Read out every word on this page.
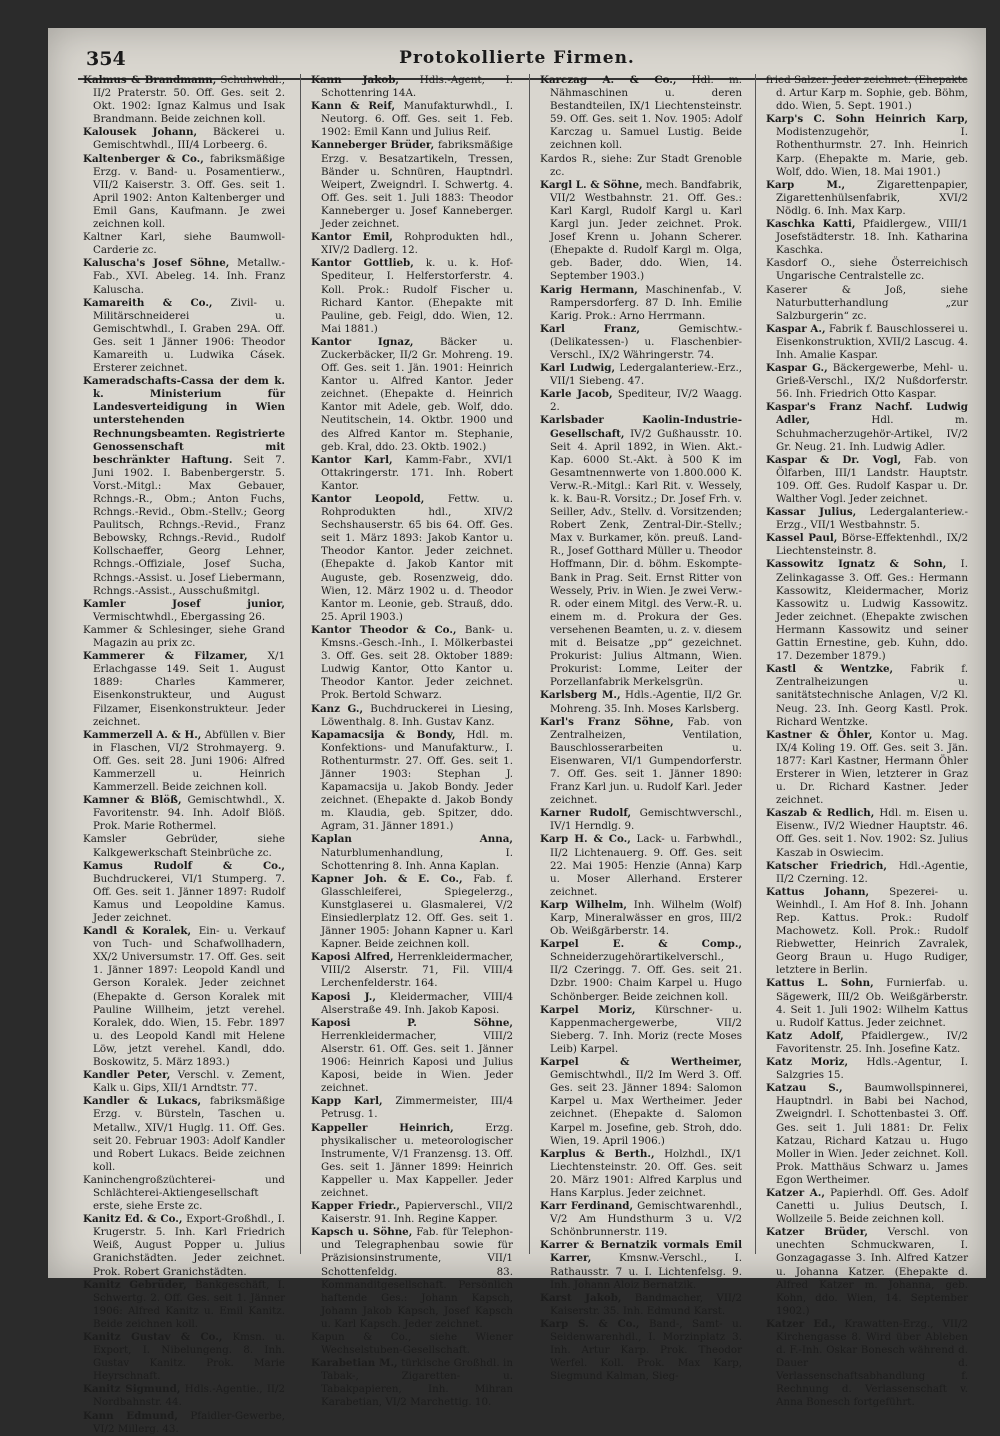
354	Protokollierte Firmen.
Kalmus & Brandmann, Schuhwhdl., II/2 Praterstr. 50. Off. Ges. seit 2. Okt. 1902: Ignaz Kalmus und Isak Brandmann. Beide zeichnen koll.
Kalousek Johann, Bäckerei u. Gemischtwhdl., III/4 Lorbeerg. 6.
Kaltenberger & Co., fabriksmäßige Erzg. v. Band- u. Posamentierw., VII/2 Kaiserstr. 3. Off. Ges. seit 1. April 1902: Anton Kaltenberger und Emil Gans, Kaufmann. Je zwei zeichnen koll.
Kaltner Karl, siehe Baumwoll-Carderie zc.
Kaluscha's Josef Söhne, Metallw.-Fab., XVI. Abeleg. 14. Inh. Franz Kaluscha.
Kamareith & Co., Zivil- u. Militärschneiderei u. Gemischtwhdl., I. Graben 29A. Off. Ges. seit 1 Jänner 1906: Theodor Kamareith u. Ludwika Cásek. Ersterer zeichnet.
Kameradschafts-Cassa der dem k. k. Ministerium für Landesverteidigung in Wien unterstehenden Rechnungsbeamten. Registrierte Genossenschaft mit beschränkter Haftung. Seit 7. Juni 1902. I. Babenbergerstr. 5. Vorst.-Mitgl.: Max Gebauer, Rchngs.-R., Obm.; Anton Fuchs, Rchngs.-Revid., Obm.-Stellv.; Georg Paulitsch, Rchngs.-Revid., Franz Bebowsky, Rchngs.-Revid., Rudolf Kollschaeffer, Georg Lehner, Rchngs.-Offiziale, Josef Sucha, Rchngs.-Assist. u. Josef Liebermann, Rchngs.-Assist., Ausschußmitgl.
Kamler Josef junior, Vermischtwhdl., Ebergassing 26.
Kammer & Schlesinger, siehe Grand Magazin au prix zc.
Kammerer & Filzamer, X/1 Erlachgasse 149. Seit 1. August 1889: Charles Kammerer, Eisenkonstrukteur, und August Filzamer, Eisenkonstrukteur. Jeder zeichnet.
Kammerzell A. & H., Abfüllen v. Bier in Flaschen, VI/2 Strohmayerg. 9. Off. Ges. seit 28. Juni 1906: Alfred Kammerzell u. Heinrich Kammerzell. Beide zeichnen koll.
Kamner & Blöß, Gemischtwhdl., X. Favoritenstr. 94. Inh. Adolf Blöß. Prok. Marie Rothermel.
Kamsler Gebrüder, siehe Kalkgewerkschaft Steinbrüche zc.
Kamus Rudolf & Co., Buchdruckerei, VI/1 Stumperg. 7. Off. Ges. seit 1. Jänner 1897: Rudolf Kamus und Leopoldine Kamus. Jeder zeichnet.
Kandl & Koralek, Ein- u. Verkauf von Tuch- und Schafwollhadern, XX/2 Universumstr. 17. Off. Ges. seit 1. Jänner 1897: Leopold Kandl und Gerson Koralek. Jeder zeichnet (Ehepakte d. Gerson Koralek mit Pauline Willheim, jetzt verehel. Koralek, ddo. Wien, 15. Febr. 1897 u. des Leopold Kandl mit Helene Löw, jetzt verehel. Kandl, ddo. Boskowitz, 5. März 1893.)
Kandler Peter, Verschl. v. Zement, Kalk u. Gips, XII/1 Arndtstr. 77.
Kandler & Lukacs, fabriksmäßige Erzg. v. Bürsteln, Taschen u. Metallw., XIV/1 Huglg. 11. Off. Ges. seit 20. Februar 1903: Adolf Kandler und Robert Lukacs. Beide zeichnen koll.
Kaninchengroßzüchterei- und Schlächterei-Aktiengesellschaft erste, siehe Erste zc.
Kanitz Ed. & Co., Export-Großhdl., I. Krugerstr. 5. Inh. Karl Friedrich Weiß, August Popper u. Julius Granichstädten. Jeder zeichnet. Prok. Robert Granichstädten.
Kanitz Gebrüder, Bankgeschäft, I. Schwertg. 2. Off. Ges. seit 1. Jänner 1906: Alfred Kanitz u. Emil Kanitz. Beide zeichnen koll.
Kanitz Gustav & Co., Kmsn. u. Export, I. Nibelungeng. 8. Inh. Gustav Kanitz. Prok. Marie Heyrschnaft.
Kanitz Sigmund, Hdls.-Agentie., II/2 Nordbahnstr. 44.
Kann Edmund, Pfaidler-Gewerbe, VI/2 Millerg. 43.
Kann Jakob, Hdls.-Agent, I. Schottenring 14A.
Kann & Reif, Manufakturwhdl., I. Neutorg. 6. Off. Ges. seit 1. Feb. 1902: Emil Kann und Julius Reif.
Kanneberger Brüder, fabriksmäßige Erzg. v. Besatzartikeln, Tressen, Bänder u. Schnüren, Hauptndrl. Weipert, Zweigndrl. I. Schwertg. 4. Off. Ges. seit 1. Juli 1883: Theodor Kanneberger u. Josef Kanneberger. Jeder zeichnet.
Kantor Emil, Rohprodukten hdl., XIV/2 Dadlerg. 12.
Kantor Gottlieb, k. u. k. Hof-Spediteur, I. Helferstorferstr. 4. Koll. Prok.: Rudolf Fischer u. Richard Kantor. (Ehepakte mit Pauline, geb. Feigl, ddo. Wien, 12. Mai 1881.)
Kantor Ignaz,	Bäcker u. Zuckerbäcker, II/2 Gr. Mohreng. 19. Off. Ges. seit 1. Jän. 1901: Heinrich Kantor u. Alfred Kantor. Jeder zeichnet. (Ehepakte d. Heinrich Kantor mit Adele, geb. Wolf, ddo. Neutitschein, 14. Oktbr. 1900 und des Alfred Kantor m. Stephanie, geb. Kral, ddo. 23. Oktb. 1902.)
Kantor Karl, Kamm-Fabr., XVI/1 Ottakringerstr. 171. Inh. Robert Kantor.
Kantor Leopold, Fettw. u. Rohprodukten hdl., XIV/2 Sechshauserstr. 65 bis 64. Off. Ges. seit 1. März 1893: Jakob Kantor u. Theodor Kantor. Jeder zeichnet. (Ehepakte d. Jakob Kantor mit Auguste, geb. Rosenzweig, ddo. Wien, 12. März 1902 u. d. Theodor Kantor m. Leonie, geb. Strauß, ddo. 25. April 1903.)
Kantor Theodor & Co., Bank- u. Kmsns.-Gesch.-Inh., I. Mölkerbastei 3. Off. Ges. seit 28. Oktober 1889: Ludwig Kantor, Otto Kantor u. Theodor Kantor. Jeder zeichnet. Prok. Bertold Schwarz.
Kanz G., Buchdruckerei in Liesing, Löwenthalg. 8. Inh. Gustav Kanz.
Kapamacsija & Bondy, Hdl. m. Konfektions- und Manufakturw., I. Rothenturmstr. 27. Off. Ges. seit 1. Jänner 1903: Stephan J. Kapamacsija u. Jakob Bondy. Jeder zeichnet. (Ehepakte d. Jakob Bondy m. Klaudia, geb. Spitzer, ddo. Agram, 31. Jänner 1891.)
Kaplan Anna, Naturblumenhandlung, I. Schottenring 8. Inh. Anna Kaplan.
Kapner Joh. & E. Co., Fab. f. Glasschleiferei, Spiegelerzg., Kunstglaserei u. Glasmalerei, V/2 Einsiedlerplatz 12. Off. Ges. seit 1. Jänner 1905: Johann Kapner u. Karl Kapner. Beide zeichnen koll.
Kaposi Alfred, Herrenkleidermacher, VIII/2 Alserstr. 71, Fil. VIII/4 Lerchenfelderstr. 164.
Kaposi J., Kleidermacher, VIII/4 Alserstraße 49. Inh. Jakob Kaposi.
Kaposi P. Söhne, Herrenkleidermacher, VIII/2 Alserstr. 61. Off. Ges. seit 1. Jänner 1906: Heinrich Kaposi und Julius Kaposi, beide in Wien. Jeder zeichnet.
Kapp Karl, Zimmermeister, III/4 Petrusg. 1.
Kappeller Heinrich,	Erzg. physikalischer u. meteorologischer Instrumente, V/1 Franzensg. 13. Off. Ges. seit 1. Jänner 1899: Heinrich Kappeller u. Max Kappeller. Jeder zeichnet.
Kapper Friedr., Papierverschl., VII/2 Kaiserstr. 91. Inh. Regine Kapper.
Kapsch u. Söhne, Fab. für Telephon- und Telegraphenbau sowie für Präzisionsinstrumente, VII/1 Schottenfeldg. 83. Kommanditgesellschaft. Persönlich haftende Ges.: Johann Kapsch, Johann Jakob Kapsch, Josef Kapsch u. Karl Kapsch. Jeder zeichnet.
Kapun & Co., siehe Wiener Wechselstuben-Gesellschaft.
Karabetian M., türkische Großhdl. in Tabak-, Zigaretten- u. Tabakpapieren, Inh. Mihran Karabetian, VI/2 Marchettig. 10.
Karczag A. & Co., Hdl. m. Nähmaschinen u. deren Bestandteilen, IX/1 Liechtensteinstr. 59. Off. Ges. seit 1. Nov. 1905: Adolf Karczag u. Samuel Lustig. Beide zeichnen koll.
Kardos R., siehe: Zur Stadt Grenoble zc.
Kargl L. & Söhne, mech. Bandfabrik, VII/2 Westbahnstr. 21. Off. Ges.: Karl Kargl, Rudolf Kargl u. Karl Kargl jun. Jeder zeichnet. Prok. Josef Krenn u. Johann Scherer. (Ehepakte d. Rudolf Kargl m. Olga, geb. Bader, ddo. Wien, 14. September 1903.)
Karig Hermann, Maschinenfab., V. Rampersdorferg. 87 D. Inh. Emilie Karig. Prok.: Arno Herrmann.
Karl Franz,	Gemischtw.- (Delikatessen-) u. Flaschenbier-Verschl., IX/2 Währingerstr. 74.
Karl Ludwig, Ledergalanteriew.-Erz., VII/1 Siebeng. 47.
Karle Jacob, Spediteur, IV/2 Waagg. 2.
Karlsbader Kaolin-Industrie-Gesellschaft, IV/2 Gußhausstr. 10. Seit 4. April 1892, in Wien. Akt.-Kap. 6000 St.-Akt. à 500 K im Gesamtnennwerte von 1.800.000 K. Verw.-R.-Mitgl.: Karl Rit. v. Wessely, k. k. Bau-R. Vorsitz.; Dr. Josef Frh. v. Seiller, Adv., Stellv. d. Vorsitzenden; Robert Zenk, Zentral-Dir.-Stellv.; Max v. Burkamer, kön. preuß. Land-R., Josef Gotthard Müller u. Theodor Hoffmann, Dir. d. böhm. Eskompte-Bank in Prag. Seit. Ernst Ritter von Wessely, Priv. in Wien. Je zwei Verw.-R. oder einem Mitgl. des Verw.-R. u. einem m. d. Prokura der Ges. versehenen Beamten, u. z. v. diesem mit d. Beisatze „pp“ gezeichnet. Prokurist: Julius Altmann, Wien. Prokurist: Lomme, Leiter der Porzellanfabrik Merkelsgrün.
Karlsberg M., Hdls.-Agentie, II/2 Gr. Mohreng. 35. Inh. Moses Karlsberg.
Karl's Franz Söhne, Fab. von Zentralheizen, Ventilation, Bauschlosserarbeiten u. Eisenwaren, VI/1 Gumpendorferstr. 7. Off. Ges. seit 1. Jänner 1890: Franz Karl jun. u. Rudolf Karl. Jeder zeichnet.
Karner Rudolf, Gemischtwverschl., IV/1 Herndlg. 9.
Karp H. & Co., Lack- u. Farbwhdl., II/2 Lichtenauerg. 9. Off. Ges. seit 22. Mai 1905: Henzie (Anna) Karp u. Moser Allerhand. Ersterer zeichnet.
Karp Wilhelm, Inh. Wilhelm (Wolf) Karp, Mineralwässer en gros, III/2 Ob. Weißgärberstr. 14.
Karpel E. & Comp., Schneiderzugehörartikelverschl., II/2 Czeringg. 7. Off. Ges. seit 21. Dzbr. 1900: Chaim Karpel u. Hugo Schönberger. Beide zeichnen koll.
Karpel Moriz, Kürschner- u. Kappenmachergewerbe, VII/2 Sieberg. 7. Inh. Moriz (recte Moses Leib) Karpel.
Karpel & Wertheimer, Gemischtwhdl., II/2 Im Werd 3. Off. Ges. seit 23. Jänner 1894: Salomon Karpel u. Max Wertheimer. Jeder zeichnet. (Ehepakte d. Salomon Karpel m. Josefine, geb. Stroh, ddo. Wien, 19. April 1906.)
Karplus & Berth., Holzhdl., IX/1 Liechtensteinstr. 20. Off. Ges. seit 20. März 1901: Alfred Karplus und Hans Karplus. Jeder zeichnet.
Karr Ferdinand, Gemischtwarenhdl., V/2 Am Hundsthurm 3 u. V/2 Schönbrunnerstr. 119.
Karrer & Bernatzik vormals Emil Karrer,	Kmsnw.-Verschl., I. Rathausstr. 7 u. I. Lichtenfelsg. 9. Inh. Johann Aloiz Bernatzik.
Karst Jakob, Bandmacher, VII/2 Kaiserstr. 35. Inh. Edmund Karst.
Karp S. & Co., Band-, Samt- u. Seidenwarenhdl., I. Morzinplatz 3. Inh. Artur Karp. Prok. Theodor Werfel. Koll. Prok. Max Karp, Siegmund Kalman, Sieg-
fried Salzer. Jeder zeichnet. (Ehepakte d. Artur Karp m. Sophie, geb. Böhm, ddo. Wien, 5. Sept. 1901.)
Karp's C. Sohn Heinrich Karp, Modistenzugehör, I. Rothenthurmstr. 27. Inh. Heinrich Karp. (Ehepakte m. Marie, geb. Wolf, ddo. Wien, 18. Mai 1901.)
Karp M.,	Zigarettenpapier, Zigarettenhülsenfabrik, XVI/2 Nödlg. 6. Inh. Max Karp.
Kaschka Katti, Pfaidlergew., VIII/1 Josefstädterstr. 18. Inh. Katharina Kaschka.
Kasdorf O., siehe Österreichisch Ungarische Centralstelle zc.
Kaserer & Joß, siehe Naturbutterhandlung „zur Salzburgerin“ zc.
Kaspar A., Fabrik f. Bauschlosserei u. Eisenkonstruktion, XVII/2 Lascug. 4. Inh. Amalie Kaspar.
Kaspar G., Bäckergewerbe, Mehl- u. Grieß-Verschl., IX/2 Nußdorferstr. 56. Inh. Friedrich Otto Kaspar.
Kaspar's Franz Nachf. Ludwig Adler,	Hdl. m. Schuhmacherzugehör-Artikel, IV/2 Gr. Neug. 21. Inh. Ludwig Adler.
Kaspar & Dr. Vogl, Fab. von Ölfarben, III/1 Landstr. Hauptstr. 109. Off. Ges. Rudolf Kaspar u. Dr. Walther Vogl. Jeder zeichnet.
Kassar Julius, Ledergalanteriew.-Erzg., VII/1 Westbahnstr. 5.
Kassel Paul, Börse-Effektenhdl., IX/2 Liechtensteinstr. 8.
Kassowitz Ignatz & Sohn, I. Zelinkagasse 3. Off. Ges.: Hermann Kassowitz, Kleidermacher, Moriz Kassowitz u. Ludwig Kassowitz. Jeder zeichnet. (Ehepakte zwischen Hermann Kassowitz und seiner Gattin Ernestine, geb. Kuhn, ddo. 17. Dezember 1879.)
Kastl & Wentzke, Fabrik f. Zentralheizungen u. sanitätstechnische Anlagen, V/2 Kl. Neug. 23. Inh. Georg Kastl. Prok. Richard Wentzke.
Kastner & Öhler, Kontor u. Mag. IX/4 Koling 19. Off. Ges. seit 3. Jän. 1877: Karl Kastner, Hermann Öhler Ersterer in Wien, letzterer in Graz u. Dr. Richard Kastner. Jeder zeichnet.
Kaszab & Redlich, Hdl. m. Eisen u. Eisenw., IV/2 Wiedner Hauptstr. 46. Off. Ges. seit 1. Nov. 1902: Sz. Julius Kaszab in Oswiecim.
Katscher Friedrich, Hdl.-Agentie, II/2 Czerning. 12.
Kattus Johann, Spezerei- u. Weinhdl., I. Am Hof 8. Inh. Johann Rep. Kattus. Prok.: Rudolf Machowetz. Koll. Prok.: Rudolf Riebwetter, Heinrich Zavralek, Georg Braun u. Hugo Rudiger, letztere in Berlin.
Kattus L. Sohn, Furnierfab. u. Sägewerk, III/2 Ob. Weißgärberstr. 4. Seit 1. Juli 1902: Wilhelm Kattus u. Rudolf Kattus. Jeder zeichnet.
Katz Adolf, Pfaidlergew., IV/2 Favoritenstr. 25. Inh. Josefine Katz.
Katz Moriz, Hdls.-Agentur, I. Salzgries 15.
Katzau S., Baumwollspinnerei, Hauptndrl. in Babi bei Nachod, Zweigndrl. I. Schottenbastei 3. Off. Ges. seit 1. Juli 1881: Dr. Felix Katzau, Richard Katzau u. Hugo Moller in Wien. Jeder zeichnet. Koll. Prok. Matthäus Schwarz u. James Egon Wertheimer.
Katzer A., Papierhdl. Off. Ges. Adolf Canetti u. Julius Deutsch, I. Wollzeile 5. Beide zeichnen koll.
Katzer Brüder, Verschl. von unechten Schmuckwaren, I. Gonzagagasse 3. Inh. Alfred Katzer u. Johanna Katzer. (Ehepakte d. Alfred Katzer m. Johanna, geb. Kohn, ddo. Wien, 14. September 1902.)
Katzer Ed., Krawatten-Erzg., VII/2 Kirchengasse 8. Wird über Ableben d. F.-Inh. Oskar Bonesch während d. Dauer d. Verlassenschaftsabhandlung f. Rechnung d. Verlassenschaft v. Anna Bonesch fortgeführt.
